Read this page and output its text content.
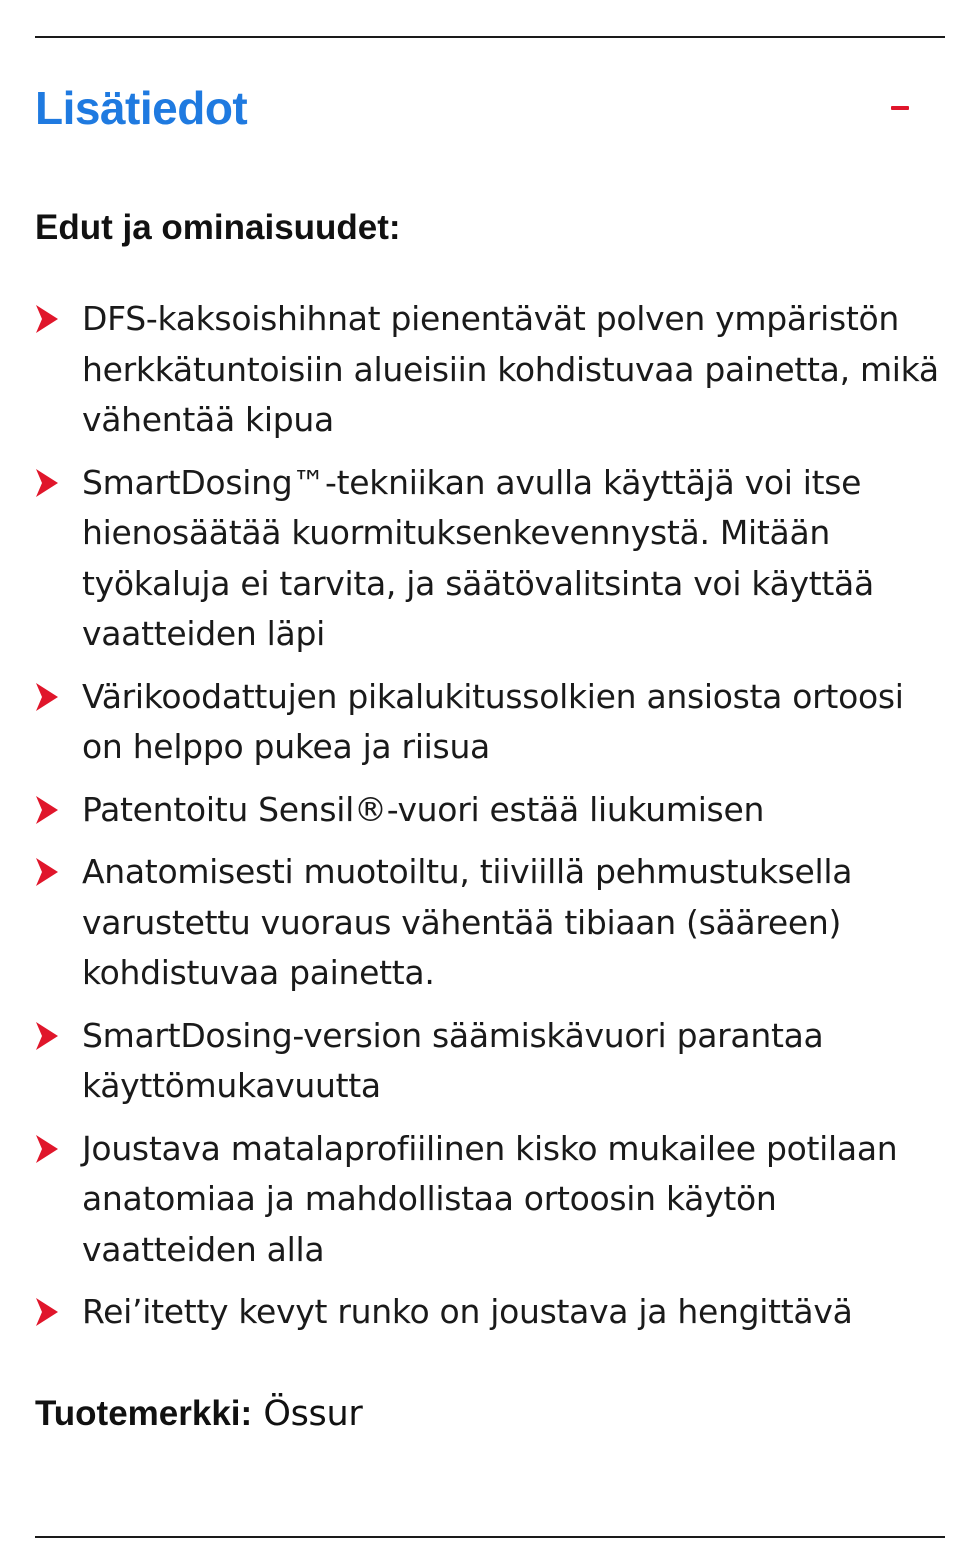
Lisätiedot
Edut ja ominaisuudet:
DFS-kaksoishihnat pienentävät polven ympäristön herkkätuntoisiin alueisiin kohdistuvaa painetta, mikä vähentää kipua
SmartDosing™-tekniikan avulla käyttäjä voi itse hienosäätää kuormituksenkevennystä. Mitään työkaluja ei tarvita, ja säätövalitsinta voi käyttää vaatteiden läpi
Värikoodattujen pikalukitussolkien ansiosta ortoosi on helppo pukea ja riisua
Patentoitu Sensil®-vuori estää liukumisen
Anatomisesti muotoiltu, tiiviillä pehmustuksella varustettu vuoraus vähentää tibiaan (sääreen) kohdistuvaa painetta.
SmartDosing-version säämiskävuori parantaa käyttömukavuutta
Joustava matalaprofiilinen kisko mukailee potilaan anatomiaa ja mahdollistaa ortoosin käytön vaatteiden alla
Rei’itetty kevyt runko on joustava ja hengittävä
Tuotemerkki: Össur
